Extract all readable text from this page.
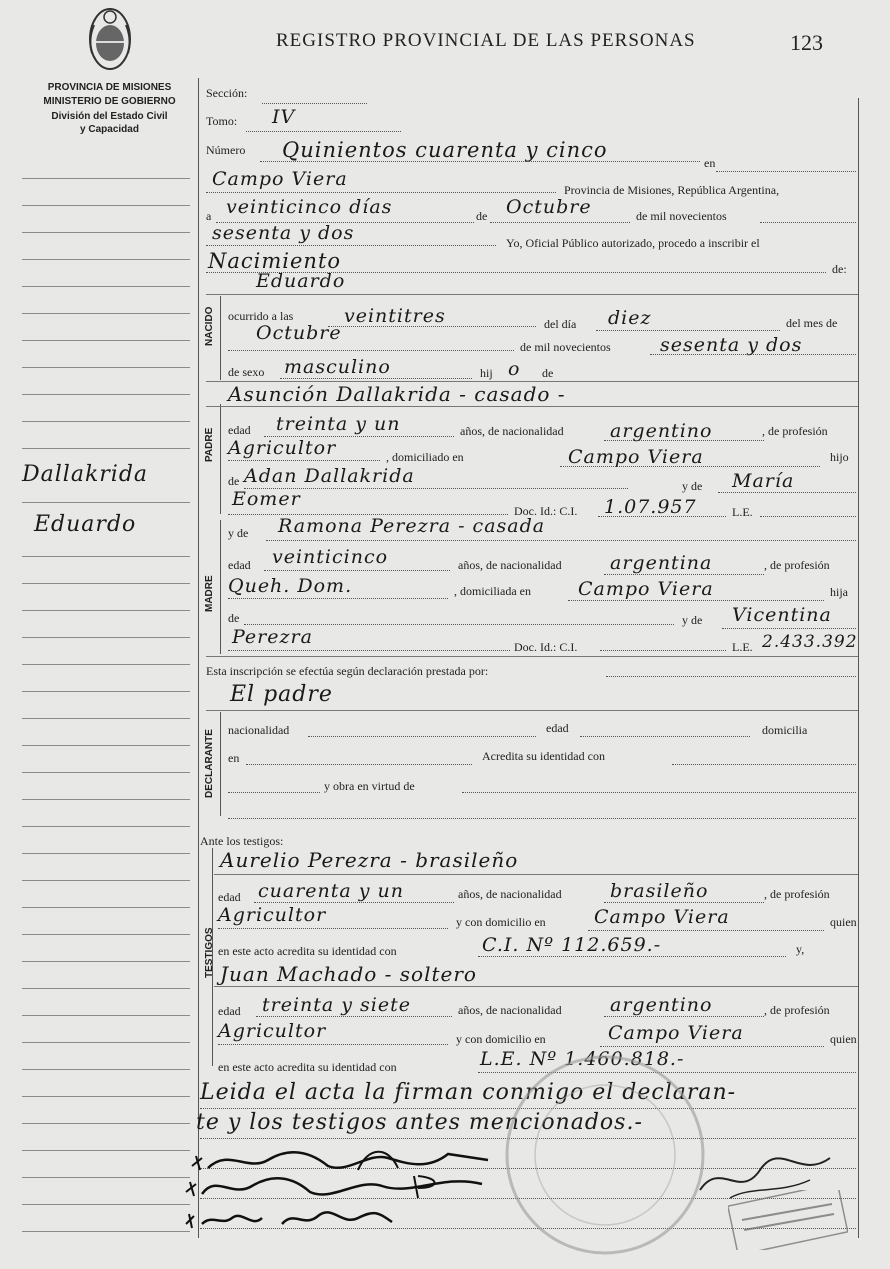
PROVINCIA DE MISIONES
MINISTERIO DE GOBIERNO
División del Estado Civil
y Capacidad
Dallakrida
Eduardo
REGISTRO PROVINCIAL DE LAS PERSONAS	123
Sección:
Tomo: IV
Número Quinientos cuarenta y cinco
en
Campo Viera	Provincia de Misiones, República Argentina,
a veinticinco días	de Octubre	de mil novecientos
sesenta y dos	Yo, Oficial Público autorizado, procedo a inscribir el
Nacimiento	de:
Eduardo
NACIDO ocurrido a las	veintitres	del día diez	del mes de
Octubre
de mil novecientos	sesenta y dos
de sexo masculino	hij o de
PADRE
Asunción Dallakrida - casado -
edad treinta y un	años, de nacionalidad argentino	, de profesión
Agricultor	, domiciliado en	Campo Viera	hijo
de Adan Dallakrida	y de María
Eomer
Doc. Id.: C.I. 1.07.957	L.E.
MADRE
y de Ramona Perezra - casada
edad veinticinco	años, de nacionalidad	argentina	, de profesión
Queh. Dom.	, domiciliada en Campo Viera	hija
de	y de Vicentina
Perezra	Doc. Id.: C.I.	L.E. 2.433.392
Esta inscripción se efectúa según declaración prestada por:
El padre
DECLARANTE nacionalidad	edad	domicilia
en	Acredita su identidad con
y obra en virtud de
Ante los testigos:
TESTIGOS
Aurelio Perezra - brasileño
edad cuarenta y un	años, de nacionalidad	brasileño	, de profesión
Agricultor	y con domicilio en	Campo Viera	quien
en este acto acredita su identidad con	C.I. Nº 112.659.-	y,
Juan Machado - soltero
edad treinta y siete	años, de nacionalidad	argentino	, de profesión
Agricultor	y con domicilio en	Campo Viera	quien
en este acto acredita su identidad con	L.E. Nº 1.460.818.-
Leida el acta la firman conmigo el declaran-
te y los testigos antes mencionados.-
